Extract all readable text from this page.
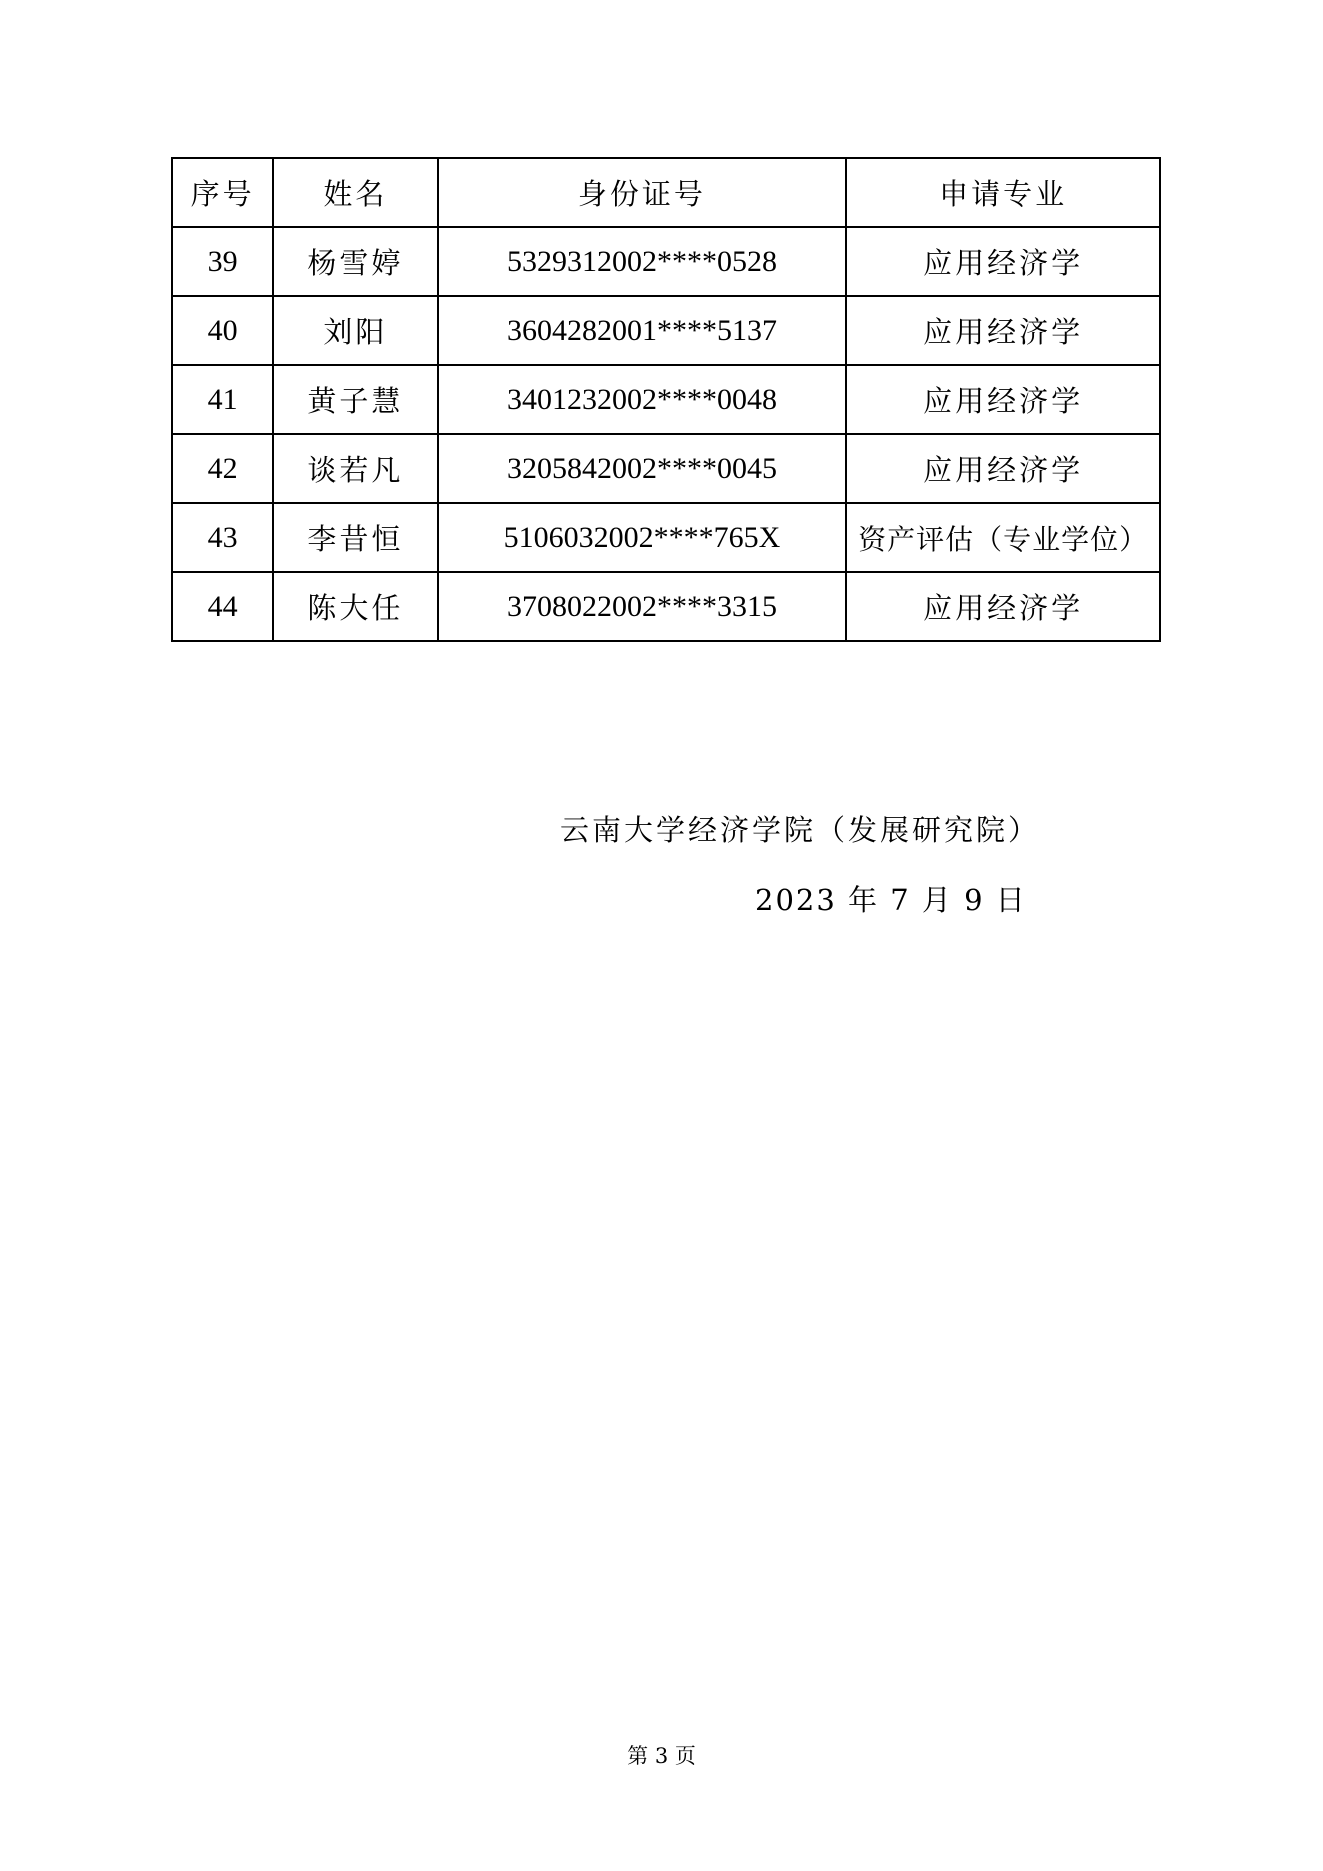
序号	姓名	身份证号	申请专业
39	杨雪婷	5329312002****0528	应用经济学
40	刘阳	3604282001****5137	应用经济学
41	黄子慧	3401232002****0048	应用经济学
42	谈若凡	3205842002****0045	应用经济学
43	李昔恒	5106032002****765X	资产评估（专业学位）
44	陈大任	3708022002****3315	应用经济学
云南大学经济学院（发展研究院）
2023 年 7 月 9 日
第 3 页
